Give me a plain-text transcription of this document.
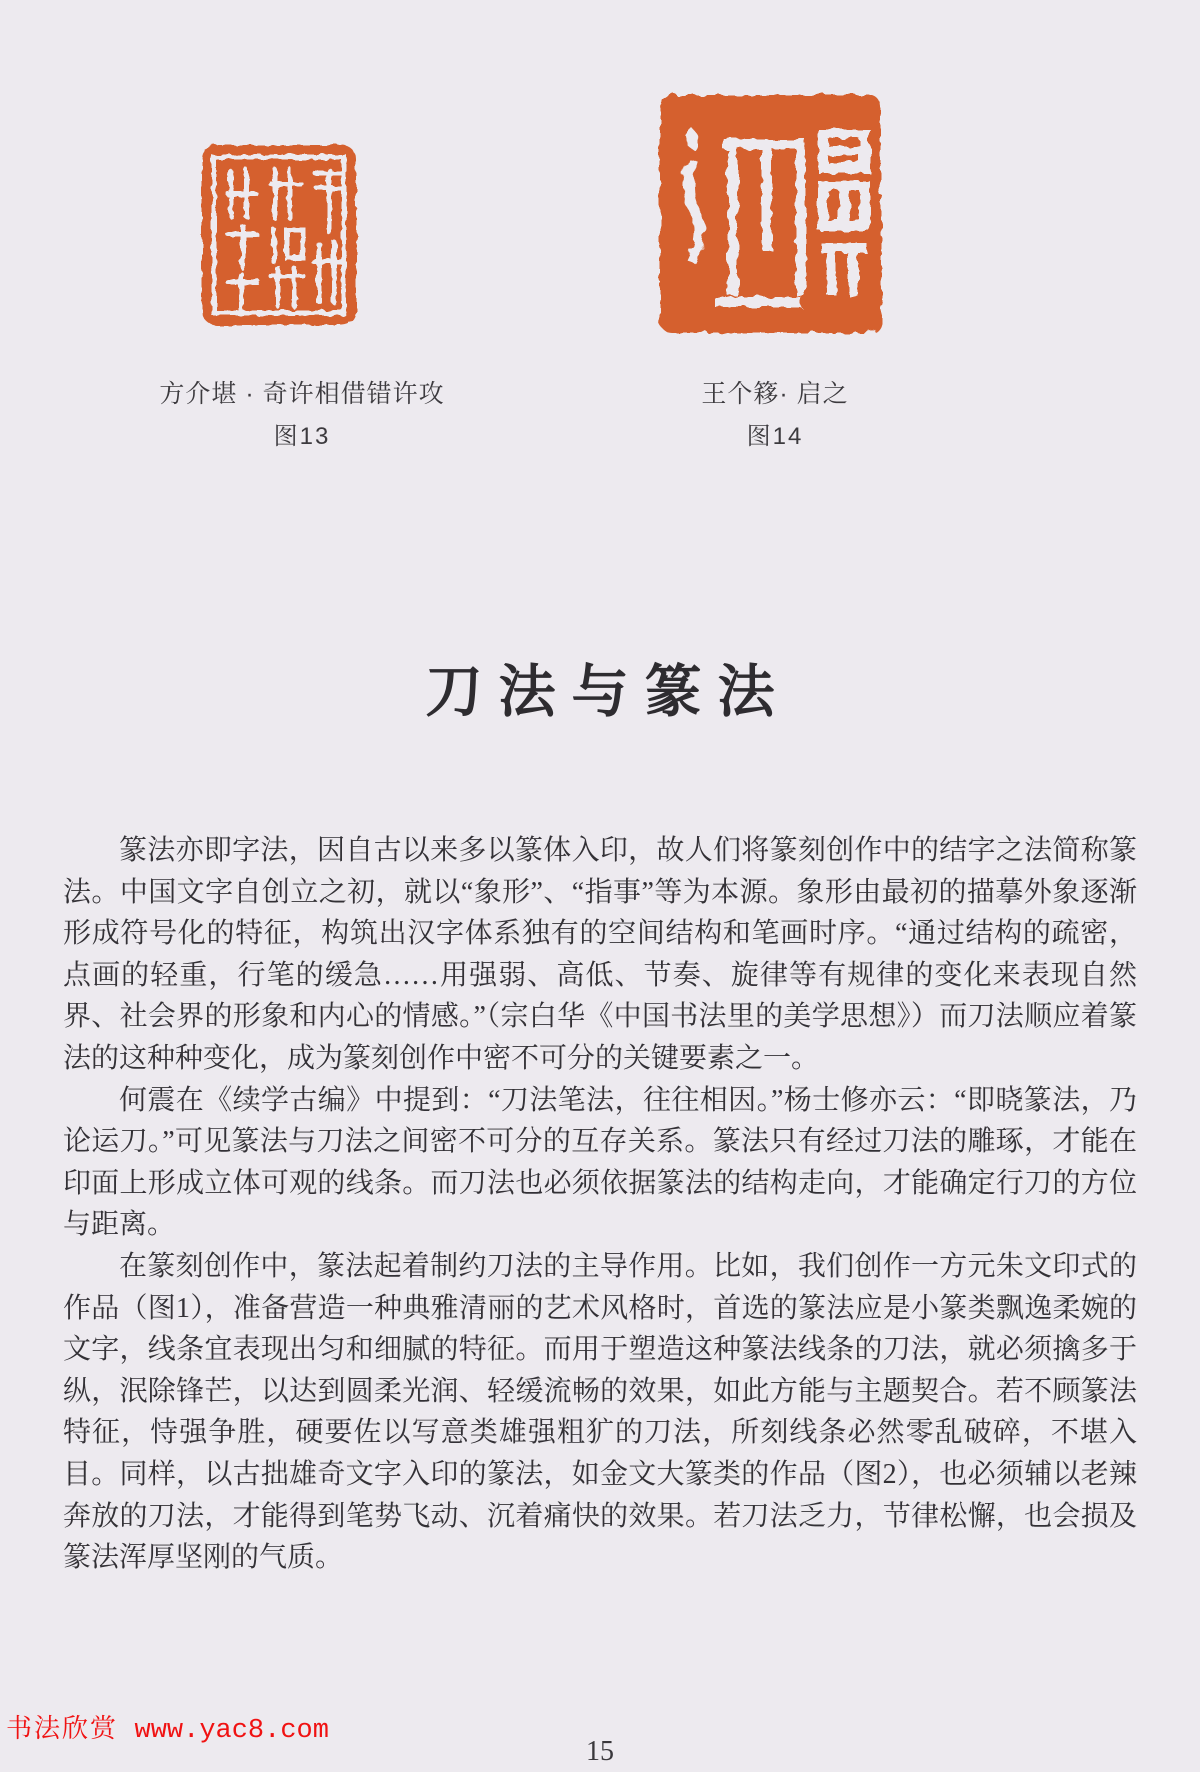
方介堪 · 奇许相借错许攻
图13
王个簃· 启之
图14
刀法与篆法

篆法亦即字法，因自古以来多以篆体入印，故人们将篆刻创作中的结字之法简称篆法。中国文字自创立之初，就以“象形”、“指事”等为本源。象形由最初的描摹外象逐渐形成符号化的特征，构筑出汉字体系独有的空间结构和笔画时序。“通过结构的疏密，点画的轻重，行笔的缓急……用强弱、高低、节奏、旋律等有规律的变化来表现自然界、社会界的形象和内心的情感。”（宗白华《中国书法里的美学思想》）而刀法顺应着篆法的这种种变化，成为篆刻创作中密不可分的关键要素之一。

何震在《续学古编》中提到：“刀法笔法，往往相因。”杨士修亦云：“即晓篆法，乃论运刀。”可见篆法与刀法之间密不可分的互存关系。篆法只有经过刀法的雕琢，才能在印面上形成立体可观的线条。而刀法也必须依据篆法的结构走向，才能确定行刀的方位与距离。

在篆刻创作中，篆法起着制约刀法的主导作用。比如，我们创作一方元朱文印式的作品（图1），准备营造一种典雅清丽的艺术风格时，首选的篆法应是小篆类飘逸柔婉的文字，线条宜表现出匀和细腻的特征。而用于塑造这种篆法线条的刀法，就必须擒多于纵，泯除锋芒，以达到圆柔光润、轻缓流畅的效果，如此方能与主题契合。若不顾篆法特征，恃强争胜，硬要佐以写意类雄强粗犷的刀法，所刻线条必然零乱破碎，不堪入目。同样，以古拙雄奇文字入印的篆法，如金文大篆类的作品（图2），也必须辅以老辣奔放的刀法，才能得到笔势飞动、沉着痛快的效果。若刀法乏力，节律松懈，也会损及篆法浑厚坚刚的气质。

书法欣赏 www.yac8.com
15
